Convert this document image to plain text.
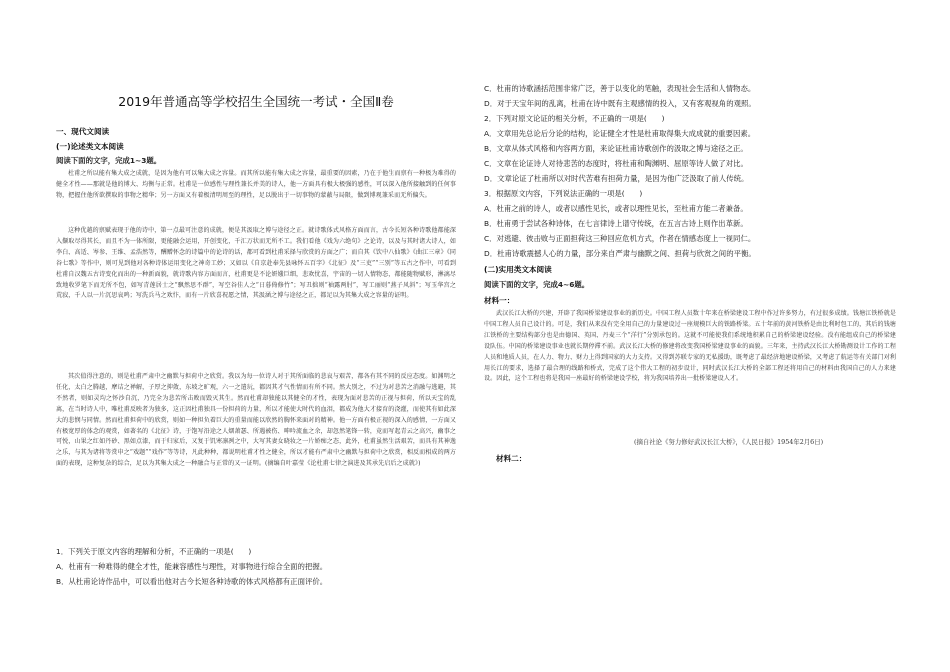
2019年普通高等学校招生全国统一考试・全国Ⅱ卷
一、现代文阅读
(一)论述类文本阅读
阅读下面的文字，完成1~3题。
杜甫之所以能有集大成之成就，是因为他有可以集大成之容量。而其所以能有集大成之容量，最重要的因素，乃在于他生而禀有一种极为难得的健全才性——那就是他的博大、均衡与正常。杜甫是一位感性与理性兼长并美的诗人，他一方面具有极大极强的感性，可以深入他所接触到的任何事物，把握住他所欲撰取的事物之精华；另一方面又有着极清明周至的理性，足以脱出于一切事物的蒙蔽与局限，做到博观兼采而无所偏失。
这种优越的禀赋表现于他的诗中，第一点最可注意的成就，便是其汲取之博与途径之正。就诗歌体式风格方面而言，古今长短各种诗歌他都能深入撷取尽得其长，而且不为一体所限，更能融会运用，开创变化，千汇万状而无所不工。我们看他《戏为六绝句》之论诗，以及与其时诸大诗人，如李白、高适、岑参、王维、孟浩然等，酬赠怀念的诗篇中的论诗的话，都可看到杜甫采择与欣赏的方面之广；而自其《饮中八仙歌》《曲江三章》《同谷七歌》等作中，则可见到他对各种诗体运用变化之神奇工妙；又如以《自京赴奉先县咏怀五百字》《北征》及“三吏”“三别”等五古之作中，可看到杜甫自汉魏五古诗变化而出的一种新面貌，就诗歌内容方面而言，杜甫更是不论妍媸巨细，悲欢忧喜，宇宙的一切人情物态，都能随物赋形，淋漓尽致地收罗笔下而无所不包，如写青莲居士之“飘然思不群”，写空谷佳人之“日暮倚修竹”；写丑拙则“袖露两肘”，写工丽则“燕子风斜”；写玉华宫之荒寂，千人以一片沉思哀鸣；写洗兵马之欢忭，而有一片欣喜祝愿之情，其汲涵之博与途径之正，都足以为其集大成之容量的证明。
其次值得注意的，则是杜甫严肃中之幽默与担荷中之欣赏。我以为每一位诗人对于其所面临的悲哀与艰苦，都各有其不同的反应态度。如渊明之任化，太白之腾越，摩诘之禅解，子厚之抑敛，东坡之旷观，六一之遣玩，都因其才气性情而有所不同。然大别之，不过为对悲苦之消融与逃避，其不然者，则如灵均之怀沙自沉，乃完全为悲苦所击败而毁灭其生。然而杜甫却独能以其健全的才性，表现为面对悲苦的正视与担荷，所以天宝的乱离，在当时诗人中，唯杜甫反映者为独多，这正因杜甫独具一份担荷的力量，所以才能使大时代的血泪，都成为他大才接育的浇灌，而使其有如此深大的悲悯与同情。然而杜甫担荷中的欣赏，则如一种担负着巨大的重量而能以欣然的胸怀来面对的精神。他一方面有极正视的深入的感情，一方面又有极宽厚的体念的观赏，如著名的《北征》诗，于饱写沿途之人烟萧瑟、所遇被伤、呻吟流血之余，却忽然笔锋一转，竟而写起青云之高兴，幽事之可悦，山果之红如丹砂、黑如点漆，而于归家后，又复于饥寒凛冽之中，大写其妻女晓妆之一片娇痴之态，此外，杜甫虽然生活艰苦，而具有其神逸之乐，与其为诸将等赏申之“戏题”“戏作”等等诗，凡此种种，都说明杜甫才性之健全，所以才能有严肃中之幽默与担荷中之欣赏，相反而相成的两方面的表现，这种复杂的综合，足以为其集大成之一种融合与正常的又一证明。(摘编自叶嘉莹《论杜甫七律之演进及其承先启后之成就》)
1．下列关于原文内容的理解和分析，不正确的一项是(　　)
A．杜甫有一种难得的健全才性，能兼容感性与理性，对事物进行综合全面的把握。
B．从杜甫论诗作品中，可以看出他对古今长短各种诗歌的体式风格都有正面评价。
C．杜甫的诗歌涵括范围非常广泛，善于以变化的笔触，表现社会生活和人情物态。
D．对于天宝年间的乱离，杜甫在诗中既有主观感情的投入，又有客观视角的观照。
2．下列对原文论证的相关分析，不正确的一项是(　　)
A．文章用先总论后分论的结构，论证健全才性是杜甫取得集大成成就的重要因素。
B．文章从体式风格和内容两方面，来论证杜甫诗歌创作的汲取之博与途径之正。
C．文章在论证诗人对待悲苦的态度时，将杜甫和陶渊明、屈原等诗人做了对比。
D．文章论证了杜甫所以对时代苦难有担荷力量，是因为他广泛汲取了前人传统。
3．根据原文内容，下列说法正确的一项是(　　)
A．杜甫之前的诗人，或者以感性见长，或者以理性见长，至杜甫方能二者兼备。
B．杜甫勇于尝试各种诗体，在七言律诗上谱守传统，在五言古诗上则作出革新。
C．对逃避、彼击败与正面担荷这三种回应危机方式，作者在情感态度上一视同仁。
D．杜甫诗歌震撼人心的力量，部分来自严肃与幽默之间、担荷与欣赏之间的平衡。
(二)实用类文本阅读
阅读下面的文字，完成4~6题。
材料一：
武汉长江大桥的兴建，开辟了我国桥梁建设事业的新历史。中国工程人员数十年来在桥梁建设工程中作过许多努力，有过很多成绩。钱塘江铁桥就是中国工程人员自己设计的。可是，我们从来没有完全用自己的力量建设过一座规模巨大的铁路桥梁。五十年前的黄河铁桥是由比利时包工的，其后的钱塘江铁桥的主要结构部分也是由德国、英国、丹麦三个“洋行”分别承包的。这就不可能使我们系统地积累自己的桥梁建设经验。没有能组成自己的桥梁建设队伍。中国的桥梁建设事业也就长期停滞不前。武汉长江大桥的修建将改变我国桥梁建设事业的面貌。三年来，主持武汉长江大桥勘测设计工作的工程人员和地质人员，在人力、物力、财力上得到国家的大力支持。又得到苏联专家的无私援助，既考虑了最经济地建设桥梁，又考虑了航运等有关部门对利用长江的要求，选择了最合理的线路和桥式，完成了这个伟大工程的初步设计，同时武汉长江大桥的全部工程还将用自己的材料由我国自己的人力来建设。因此，这个工程也将是我国一座最好的桥梁建设学校，将为我国培养出一批桥梁建设人才。
(摘自社论《努力修好武汉长江大桥》，《人民日报》1954年2月6日)
材料二：
